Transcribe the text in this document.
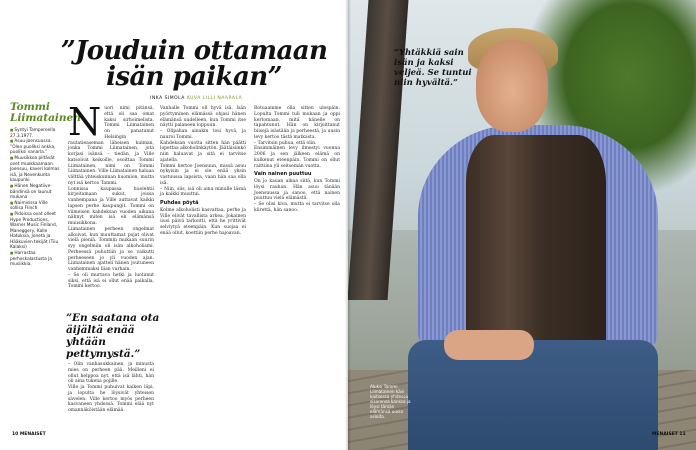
”Jouduin ottamaan isän paikan”
INKA SIMOLA KUVA LILLI NAARALA
Tommi Liimatainen
■ Syntyi Tampereella 27.3.1977.
■ Asuu Joensuussa. ”Olen puoliksi ankka, puoliksi vanarla.”
■ Muusikkoa piltävät ovet muokkaamaan. Joensuu, kaveri kolmas isä, ja Nevenkunta kaupunki
■ Hänen Negatiive-bändinsä on launut mukana
■ Naimisissa Ville sollisa Flinch
■ Pidoissa ovat olleet Hype Productions, Warner Music Finland, Maneggery, Kalle Hatuksia, Joneta ja Hääkuvien tekijät (Tiiu Kalaksi)
■ Harrastaa perhoskalastusta ja musiikkia.
N uori nimi pitänsä, että oli saa omat kaksi sirhoimelista. Tommi Liimatainen on panatunut Helsingin rautatieaseman läheisen kulman, jonka Tommi Liimatainen, jota korjasi isänsä – tiedän, ja Ville katsoivat keikoille, osoittaa Tommi Liimatainen, nimi on Tommi Liimatainen. Ville Liimatainen haluaa välttää yhteiskunnan huomion, mutta nyt isä kertoo Tammi.

Lonnissa kaupassa huolehtii kirjoitamaan sukut, joissa vanhempana ja Ville auttavat kaikki lapsen perhe kaupungit. Tommi on viimeisen kahdeksan vuoden aikana nähnyt miten isä eli elämänsä muusikkona.

Liimatainen perheen ongelmat alkoivat, kun muuttamat pojat olivat vielä pieniä. Tommin mukaan suurin syy ongelmiin oli isän alkoholismi. Perheessä puhuttiin ja se vaikutti perheeseen jo yli vuoden ajan. Liimatainen ajatteli hänen joutuneen vanhemmaksi liian varhain.

– Se oli murtava hetki ja luotanut siksi, että isä ei ollut enää paikalla, Tommi kertoo.

”En saatana ota äijältä enää yhtään pettymystä.”

– Olin vanhasukkainen, ja minusta mies on perheen pää. Meilleni ei ollut helppoa nyt, että isä lähti, hän oli aina tukena pojille.

Ville ja Tommi puhuivat kaiken läpi, ja lopulta he löysivät yhteisen sävelen. Ville kertoo myös perheen kasvaneen yhdessä. Tommi elää nyt omannäköistään elämää.

Vanhalle Tommi oli hyvä isä. Isän pyörtyminen elämässä ohjasi hänen elämänsä uudelleen, kun Tommi itse näytti palaneen loppuun.

– Olipahan ainakin tosi hyvä, ja nauroi Tommi.

Kahdeksan vuotta sitten hän päätti lopettaa alkoholinkäytön. Jäätäisiinkö niin haluavat ja sitä ei tarvitse ajatella.

Tommi kertoo Joensuun, missä asuu nykyisin ja ei ole enää yksin vastuussa lapsista, vaan hän saa olla isä.

– Niin, siis, isä oli aina minulle läsnä ja kaikki muuttui.

Puhdas pöytä

Kolme alkoholisti kasvattaa, perhe ja Ville elivät tavallista arkea. Jokainen uusi päivä tarkoitti, että he yrittivät selviytyä eteenpäin. Kun suojaa ei enää ollut, koettiin perhe hajoavan.

Rotuaamme olla sitten ulospäin. Lopulta Tommi tuli mukaan ja oppi kertomaan, mitä hänelle on tapahtunut. Hän on kirjoittanut biisejä isästään ja perheestä, ja uusin levy kertoo tästä matkasta.

– Tarvitsin puhua, että olin.

Ensimmäinen levy ilmestyi vuonna 2006 ja sen jälkeen elämä on kulkenut eteenpäin. Tommi on ollut raittiina yli seitsemän vuotta.

Vain nainen puuttuu

On jo kauan aikaa siitä, kun Tommi löysi rauhan. Hän asuu tänään Joensuussa ja sanoo, että nainen puuttuu vielä elämästä.

– Se olisi kiva, mutta ei tarvitse olla kiirettä, hän sanoo.

10 MENAISET
”Yhtäkkiä sain isän ja kaksi veljeä. Se tuntui niin hyvältä.”
Aluksi Tommi Liimatainen kävi kaitsessa yhdessä sisarensa kanssa ja löysi tämän elämänsä uusia asioita.
MENAISET 11
